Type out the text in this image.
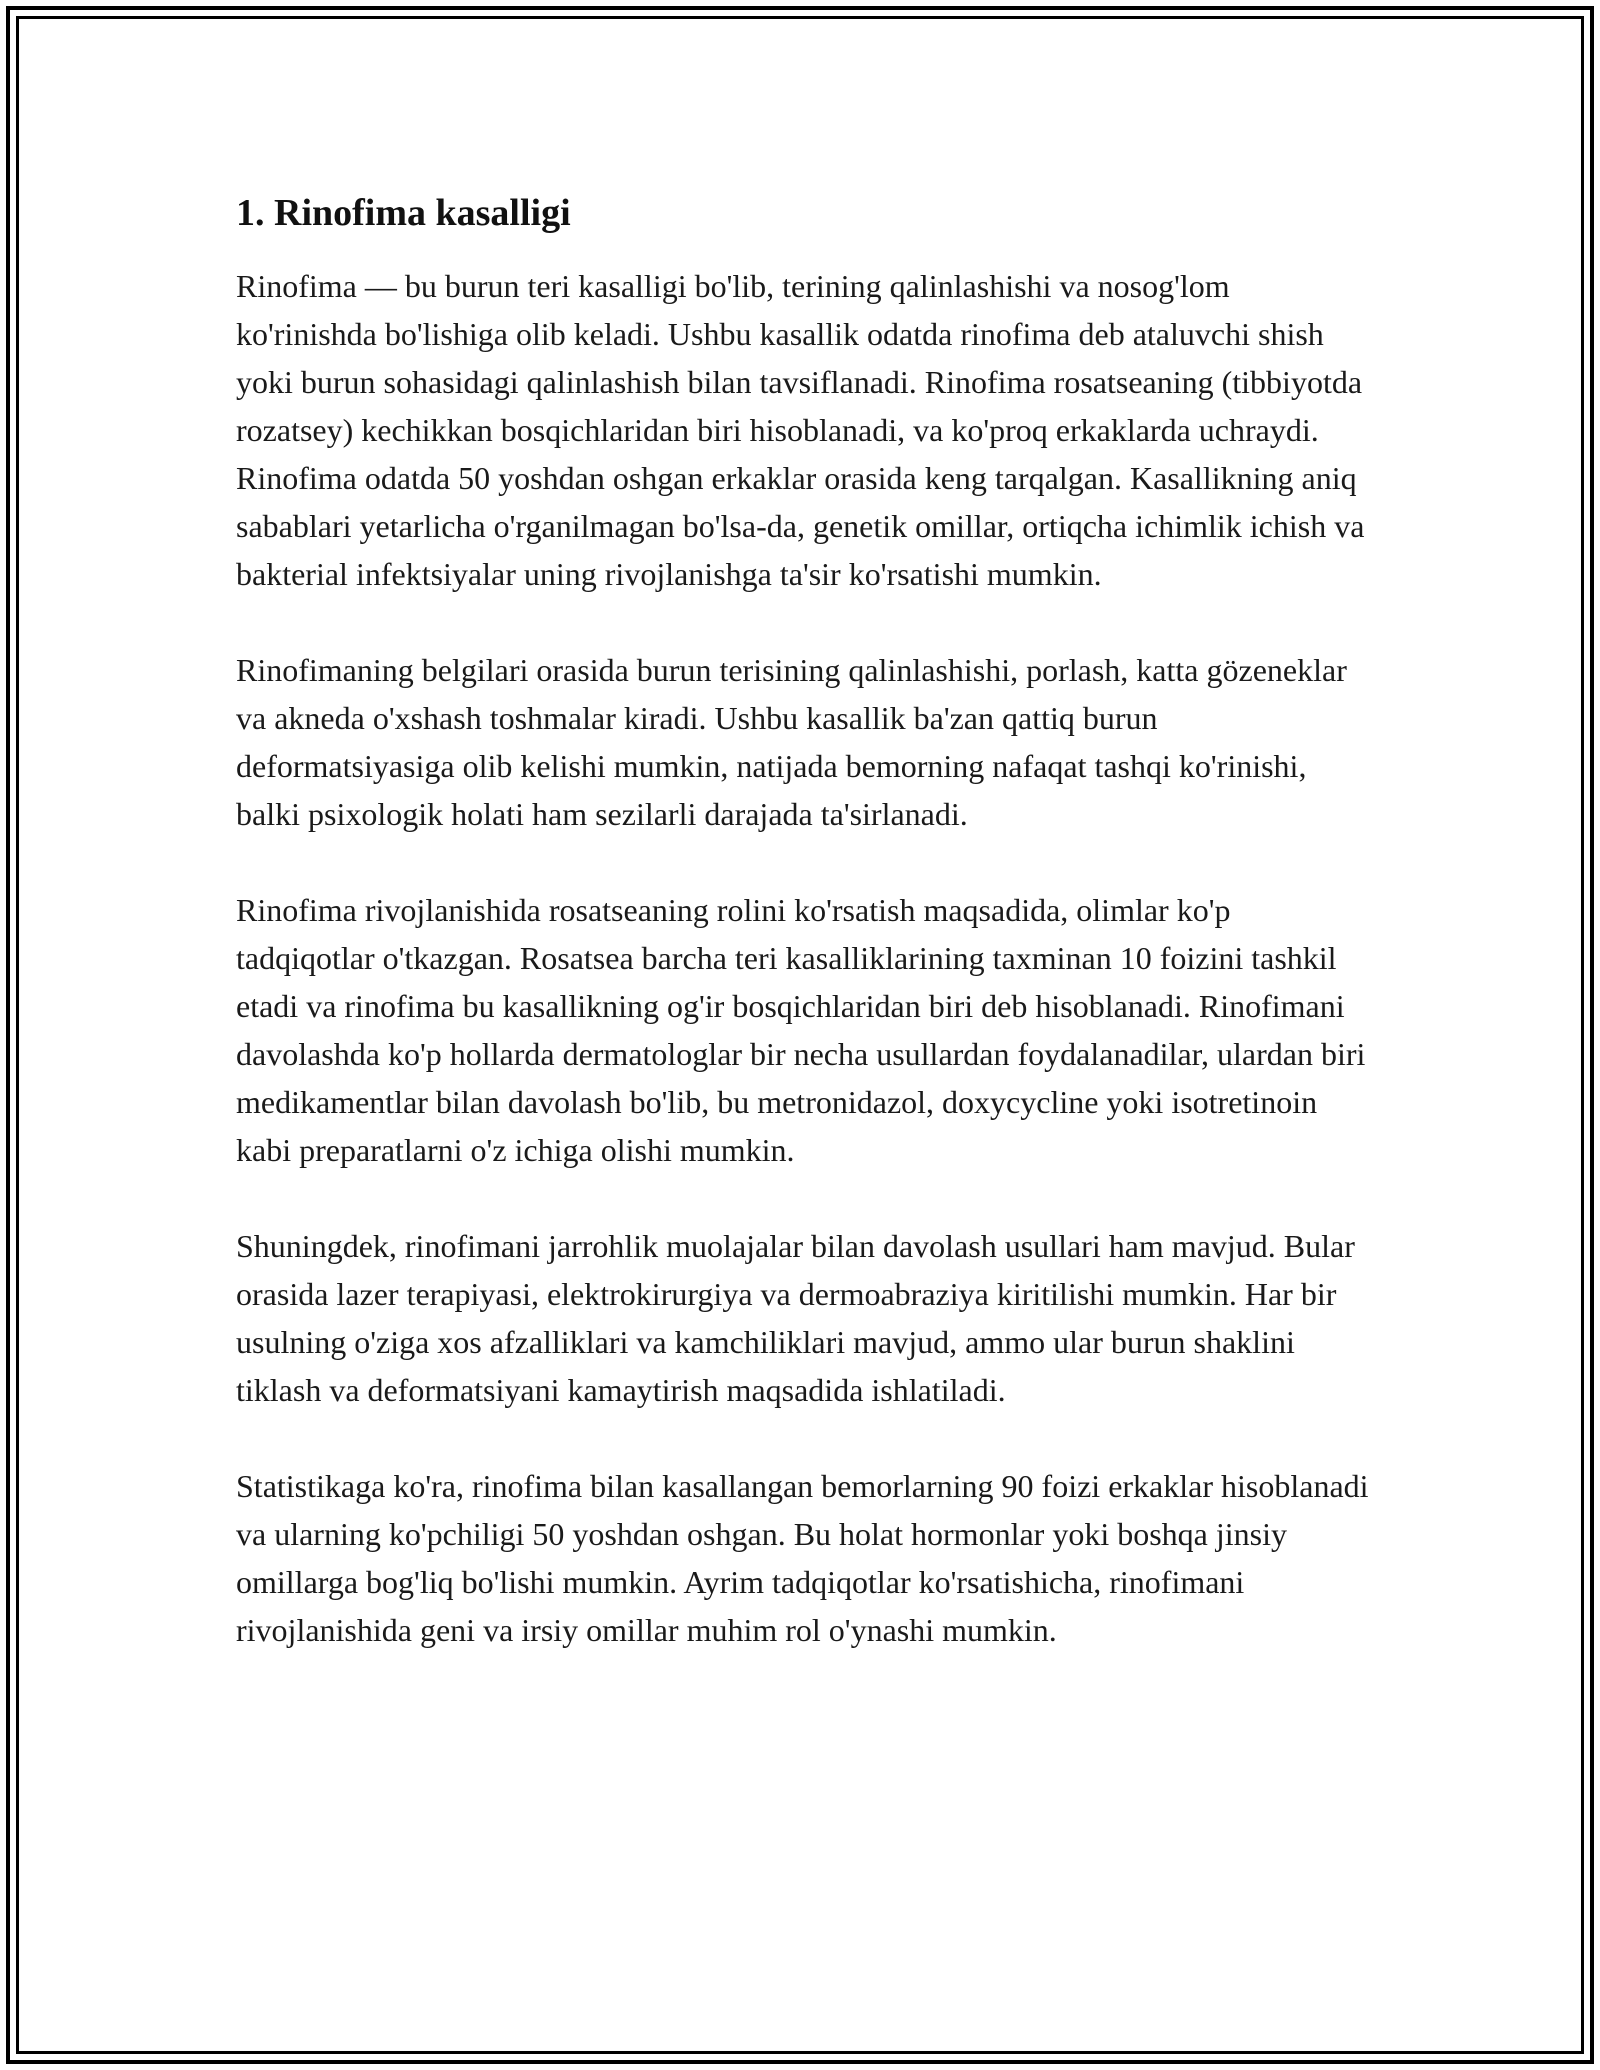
1. Rinofima kasalligi

Rinofima — bu burun teri kasalligi bo'lib, terining qalinlashishi va nosog'lom ko'rinishda bo'lishiga olib keladi. Ushbu kasallik odatda rinofima deb ataluvchi shish yoki burun sohasidagi qalinlashish bilan tavsiflanadi. Rinofima rosatseaning (tibbiyotda rozatsey) kechikkan bosqichlaridan biri hisoblanadi, va ko'proq erkaklarda uchraydi. Rinofima odatda 50 yoshdan oshgan erkaklar orasida keng tarqalgan. Kasallikning aniq sabablari yetarlicha o'rganilmagan bo'lsa-da, genetik omillar, ortiqcha ichimlik ichish va bakterial infektsiyalar uning rivojlanishga ta'sir ko'rsatishi mumkin.

Rinofimaning belgilari orasida burun terisining qalinlashishi, porlash, katta gözeneklar va akneda o'xshash toshmalar kiradi. Ushbu kasallik ba'zan qattiq burun deformatsiyasiga olib kelishi mumkin, natijada bemorning nafaqat tashqi ko'rinishi, balki psixologik holati ham sezilarli darajada ta'sirlanadi.

Rinofima rivojlanishida rosatseaning rolini ko'rsatish maqsadida, olimlar ko'p tadqiqotlar o'tkazgan. Rosatsea barcha teri kasalliklarining taxminan 10 foizini tashkil etadi va rinofima bu kasallikning og'ir bosqichlaridan biri deb hisoblanadi. Rinofimani davolashda ko'p hollarda dermatologlar bir necha usullardan foydalanadilar, ulardan biri medikamentlar bilan davolash bo'lib, bu metronidazol, doxycycline yoki isotretinoin kabi preparatlarni o'z ichiga olishi mumkin.

Shuningdek, rinofimani jarrohlik muolajalar bilan davolash usullari ham mavjud. Bular orasida lazer terapiyasi, elektrokirurgiya va dermoabraziya kiritilishi mumkin. Har bir usulning o'ziga xos afzalliklari va kamchiliklari mavjud, ammo ular burun shaklini tiklash va deformatsiyani kamaytirish maqsadida ishlatiladi.

Statistikaga ko'ra, rinofima bilan kasallangan bemorlarning 90 foizi erkaklar hisoblanadi va ularning ko'pchiligi 50 yoshdan oshgan. Bu holat hormonlar yoki boshqa jinsiy omillarga bog'liq bo'lishi mumkin. Ayrim tadqiqotlar ko'rsatishicha, rinofimani rivojlanishida geni va irsiy omillar muhim rol o'ynashi mumkin.
